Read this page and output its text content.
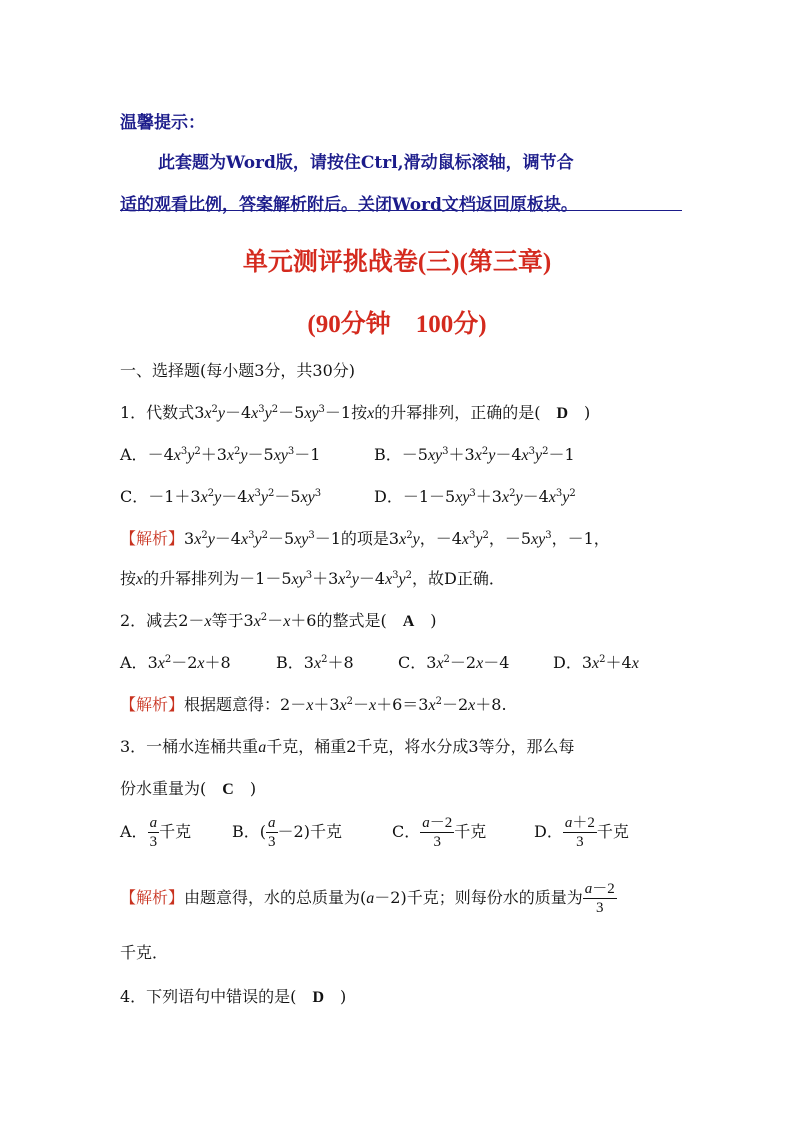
温馨提示：
此套题为Word版，请按住Ctrl,滑动鼠标滚轴，调节合
适的观看比例，答案解析附后。关闭Word文档返回原板块。
单元测评挑战卷(三)(第三章)
(90分钟　100分)
一、选择题(每小题3分，共30分)
1．代数式$3x^2y-4x^3y^2-5xy^3-1$按x的升幂排列，正确的是(　D　)
A．$-4x^3y^2+3x^2y-5xy^3-1$	B．$-5xy^3+3x^2y-4x^3y^2-1$
C．$-1+3x^2y-4x^3y^2-5xy^3$	D．$-1-5xy^3+3x^2y-4x^3y^2$
【解析】$3x^2y-4x^3y^2-5xy^3-1$的项是$3x^2y$，$-4x^3y^2$，$-5xy^3$，－1，
按x的升幂排列为$-1-5xy^3+3x^2y-4x^3y^2$，故D正确．
2．减去2－x等于$3x^2-x+6$的整式是(　A　)
A．$3x^2-2x+8$	B．$3x^2+8$	C．$3x^2-2x-4$	D．$3x^2+4x$
【解析】根据题意得：$2-x+3x^2-x+6=3x^2-2x+8$.
3．一桶水连桶共重a千克，桶重2千克，将水分成3等分，那么每
份水重量为(　C　)
A． $\frac{a}{3}$ 千克	B．( $\frac{a}{3} -2$)千克	C． $\frac{a-2}{3}$ 千克	D． $\frac{a+2}{3}$ 千克
【解析】由题意得，水的总质量为(a－2)千克；则每份水的质量为 $\frac{a-2}{3}$
千克．
4．下列语句中错误的是(　D　)
